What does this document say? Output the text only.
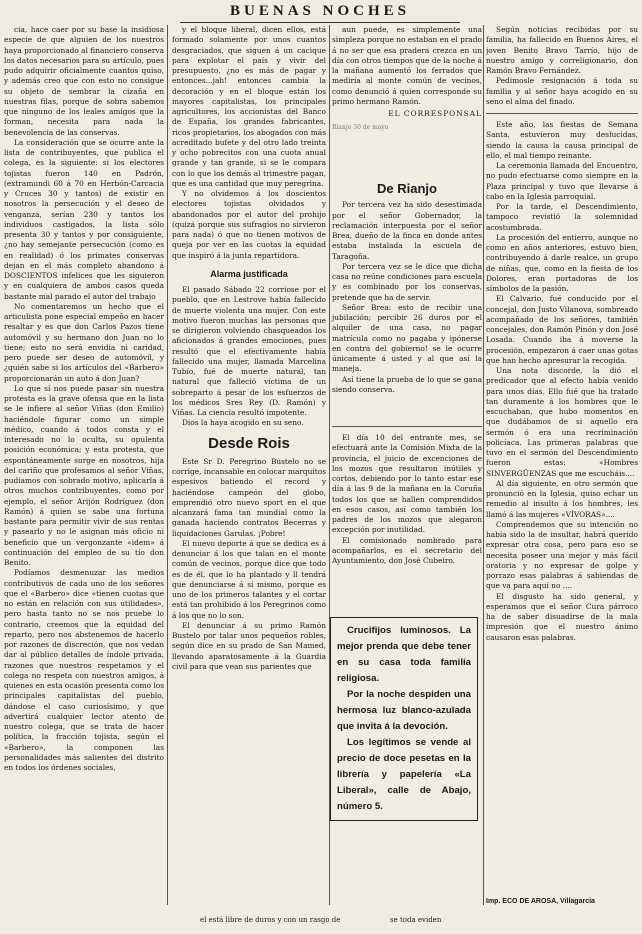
BUENAS NOCHES

cia, hace caer por su base la insidiosa especie de que alguien de los nuestros haya proporcionado al financiero conserva los datos necesarios para su artículo, pues pudo adquirir oficialmente cuantos quiso, y además creo que con esto no consigue su objeto de sembrar la cizaña en nuestras filas, porque de sobra sabemos que ninguno de los leales amigos que la forman, necesita para nada la benevolencia de las conservas.

La consideración que se ocurre ante la lista de contribuyentes, que publica el colega, es la siguiente: si los electores tojistas fueron 140 en Padrón, (extramundi 60 á 70 en Herbón-Carcacia y Cruces 30 y tantos) de existir en nosotros la persecución y el deseo de venganza, serían 230 y tantos los individuos castigados, la lista sólo presenta 30 y tantos y por consiguiente, ¿no hay semejante persecución (como es en realidad) ó los primates conservas dejan en el más completo abandono á DOSCIENTOS infelices que les siguieron y en cualquiera de ambos casos queda bastante mal parado el autor del trabajo

No comentaremos un hecho que el articulista pone especial empeño en hacer resaltar y es que don Carlos Pazos tiene automóvil y su hermano don Juan no lo tiene; esto no será envidia ni caridad, pero puede ser deseo de automóvil, y ¿quién sabe si los artículos del «Barbero» proporcionarán un auto á don Juan?

Lo que sí nos puede pasar sin nuestra protesta es la grave ofensa que en la lista se le infiere al señor Viñas (don Emilio) haciéndole figurar como un simple médico, cuando á todos consta y el interesado no lo oculta, su opulenta posición económica; y esta protesta, que espontáneamente surge en nosotros, hija del cariño que profesamos al señor Viñas, pudiamos con sobrado motivo, aplicarla á otros muchos contribuyentes, como por ejemplo, el señor Arijón Rodríguez (don Ramón) á quien se sabe una fortuna bastante para permitir vivir de sus rentas y pasearlo y no le asignan más oficio ni beneficio que un vergonzante «idem» á continuación del empleo de su tío don Benito.

Podíamos desmenuzar las medios contributivos de cada uno de los señores que el «Barbero» dice «tienen cuotas que no están en relación con sus utilidades», pero hasta tanto no se nos pruebe lo contrario, creemos que la equidad del reparto, pero nos abstenemos de hacerlo por razones de discreción, que nos vedan dar al público detalles de índole privada, razones que nuestros respetamos y el colega no respeta con nuestros amigos, á quienes en esta ocasión presenta como los principales capitalistas del pueblo, dándose el caso curiosísimo, y que advertirá cualquier lector atento de nuestro colega, que se trata de hacer política, la fracción tojista, según el «Barbero», la componen las personalidades más salientes del distrito en todos los órdenes sociales,

y el bloque liberal, dicen ellos, está formado solamente por unos cuantos desgraciados, que siguen á un cacique para explotar el país y vivir del presupuesto, ¿no es más de pagar y entonces...jah! entonces cambia la decoración y en el bloque están los mayores capitalistas, los principales agricultores, los accionistas del Banco de España, los grandes fabricantes, ricos propietarios, los abogados con más acreditado bufete y del otro lado treinta y ocho pobrecitos con una cuota anual grande y tan grande, si se le compara con lo que los demás al trimestre pagan, que es una cantidad que muy peregrina.

Y no olvidemos á los doscientos electores tojistas olvidados y abandonados por el autor del prohijo (quizá porque sus sufragios no sirvieron para nada) ó que no tienen motivos de queja por ver en las cuotas la equidad que inspiró á la junta repartidora.

Alarma justificada

El pasado Sábado 22 corriose por el pueblo, que en Lestrove había fallecido de muerte violenta una mujer. Con este motivo fueron muchas las personas que se dirigieron volviendo chasqueados los aficionados á grandes emociones, pues resultó que el efectivamente había fallecido una mujer, llamada Marcelina Tubío, fué de muerte natural, tan natural que falleció víctima de un sobreparto á pesar de los esfuerzos de los médicos Sres Rey (D. Ramón) y Viñas. La ciencia resultó impotente.

Dios la haya acogido en su seno.

Desde Rois

Este Sr D. Peregrino Bustelo no se corrige, incansable en colocar marquitos espesivos batiendo el record y haciéndose campeón del globo, emprendió otro nuevo sport en el que alcanzará fama tan mundial como la ganada haciendo contratos Becerras y liquidaciones Garulas. ¡Pobre!

El nuevo deporte á que se dedica es á denunciar á los que talan en el monte común de vecinos, porque dice que todo es de él, que lo ha plantado y ll tendrá que denunciarse á sí mismo, porque es uno de los primeros talantes y el cortar está tan prohibido á los Peregrinos como á los que no lo son.

El denunciar á su primo Ramón Bustelo por talar unos pequeños robles, según dice en su prado de San Mamed, llevando aparatosamente á la Guardia civil para que vean sus parientes que

aun puede, es simplemente una simpleza porque no estaban en el prado á no ser que esa pradera crezca en un día con otros tiempos que de la noche á la mañana aumentó los ferrados que mediría al monte común de vecinos, como denunció á quien corresponde su primo hermano Ramón.

EL CORRESPONSAL
Rianjo 30 de mayo
De Rianjo

Por tercera vez ha sido desestimada por el señor Gobernador, la reclamación interpuesta por el señor Brea, dueño de la finca en donde antes estaba instalada la escuela de Taragoña.

Por tercera vez se le dice que dicha casa no reúne condiciones para escuela y es combinado por los conservas, pretende que ha de servir.

Señor Brea: esto de recibir una jubilación; percibir 26 duros por el alquiler de una casa, no pagar matrícula como no pagaba y ipónerse en contra del gobierno! se le ocurre únicamente á usted y al que así la maneja.

Así tiene la prueba de lo que se gana siendo conserva.

El día 10 del entrante mes, se efectuará ante la Comisión Mixta de la provincia, el juicio de excenciones de los mozos que resultaron inútiles y cortos, debiendo por lo tanto estar ese día á las 9 de la mañana en la Coruña todos los que se hallen comprendidos en esos casos, así como también los padres de los mozos que alegaron excepción por inutilidad.

El comisionado nombrado para acompañarlos, es el secretario del Ayuntamiento, don José Cubeiro.

Crucifijos luminosos. La mejor prenda que debe tener en su casa toda familia religiosa.

Por la noche despiden una hermosa luz blanco-azulada que invita á la devoción.

Los legítimos se vende al precio de doce pesetas en la librería y papelería «La Liberal», calle de Abajo, número 5.

se toda eviden

Según noticias recibidas por su familia, ha fallecido en Buenos Aires, el joven Benito Bravo Tarrío, hijo de nuestro amigo y correligionario, don Ramón Bravo Fernández.

Pedimosle resignación á toda su familia y al señor haya acogido en su seno el alma del finado.

Este año, las fiestas de Semana Santa, estuvieron muy deslucidas, siendo la causa la causa principal de ello, el mal tiempo reinante.

La ceremonia llamada del Encuentro, no pudo efectuarse como siempre en la Plaza principal y tuvo que llevarse á cabo en la Iglesia parroquial.

Por la tarde, el Descendimiento, tampoco revistió la solemnidad acostumbrada.

La procesión del entierro, aunque no como en años anteriores, estuvo bien, contribuyendo á darle realce, un grupo de niñas, que, como en la fiesta de los Dolores, eran portadoras de los símbolos de la pasión.

El Calvario, fué conducido por el concejal, don Justo Vilanova, sombreado acompañado de los señores, también concejales, don Ramón Pinón y don José Losada. Cuando iba á moverse la procesión, empezaron á caer unas gotas que han hecho apresurar la recogida.

Una nota discorde, la dió el predicador que al efecto había venido para unos días. Ello fué que ha tratado tan duramente á los hombres que le escuchaban, que hubo momentos en que dudábamos de si aquello era sermón ó era una recriminación policíaca. Las primeras palabras que tuvo en el sermón del Descendimiento fueron estas: «Hombres SINVERGÜENZAS que me escucháis....

Al día siguiente, en otro sermón que pronunció en la Iglesia, quiso echar un remedio al insulto á los hombres, les llamó á las mujeres «VÍVORAS»....

Comprendemos que su intención no había sido la de insultar, habrá querido expresar otra cosa, pero para eso se necesita poseer una mejor y más fácil oratoria y no expresar de golpe y porrazo esas palabras á sabiendas de que va para aquí no ....

El disgusto ha sido general, y esperamos que el señor Cura párroco ha de saber disuadirse de la mala impresión que el nuestro ánimo causaron esas palabras.

Imp. ECO DE AROSA, Villagarcía
el está libre de duros y con un rasgo de
